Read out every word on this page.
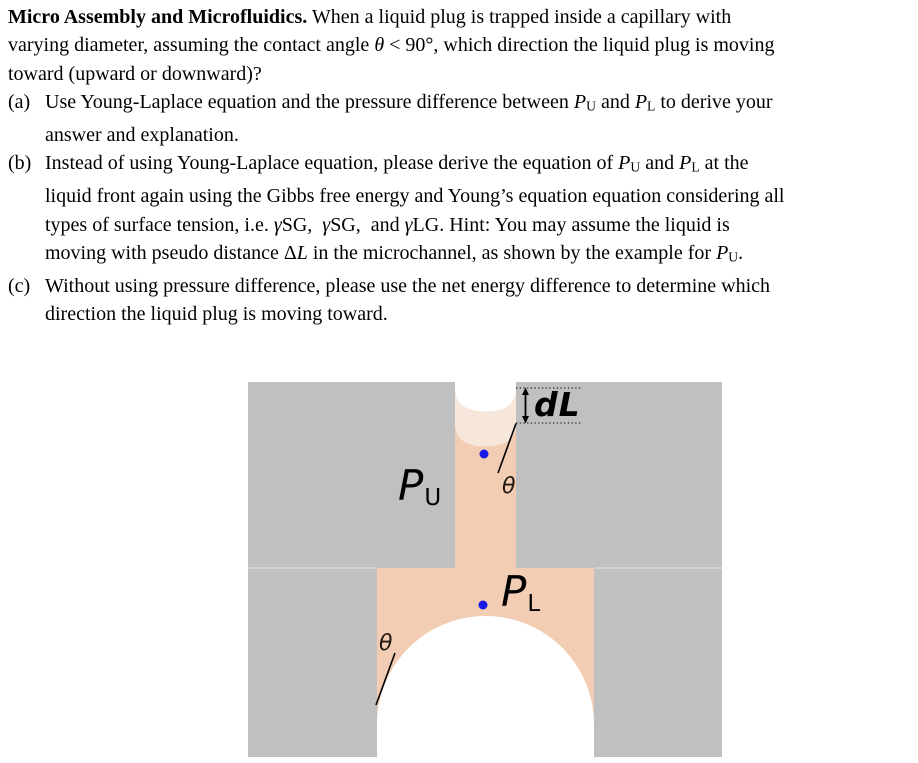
Micro Assembly and Microfluidics. When a liquid plug is trapped inside a capillary with
varying diameter, assuming the contact angle θ < 90°, which direction the liquid plug is moving
toward (upward or downward)?
(a) Use Young-Laplace equation and the pressure difference between $P_U$ and $P_L$ to derive your
answer and explanation.
(b) Instead of using Young-Laplace equation, please derive the equation of $P_U$ and $P_L$ at the
liquid front again using the Gibbs free energy and Young’s equation equation considering all
types of surface tension, i.e. γSG,  γSG,  and γLG. Hint: You may assume the liquid is
moving with pseudo distance ΔL in the microchannel, as shown by the example for $P_U$.
(c) Without using pressure difference, please use the net energy difference to determine which
direction the liquid plug is moving toward.
dL
θ
PU
PL
θ
